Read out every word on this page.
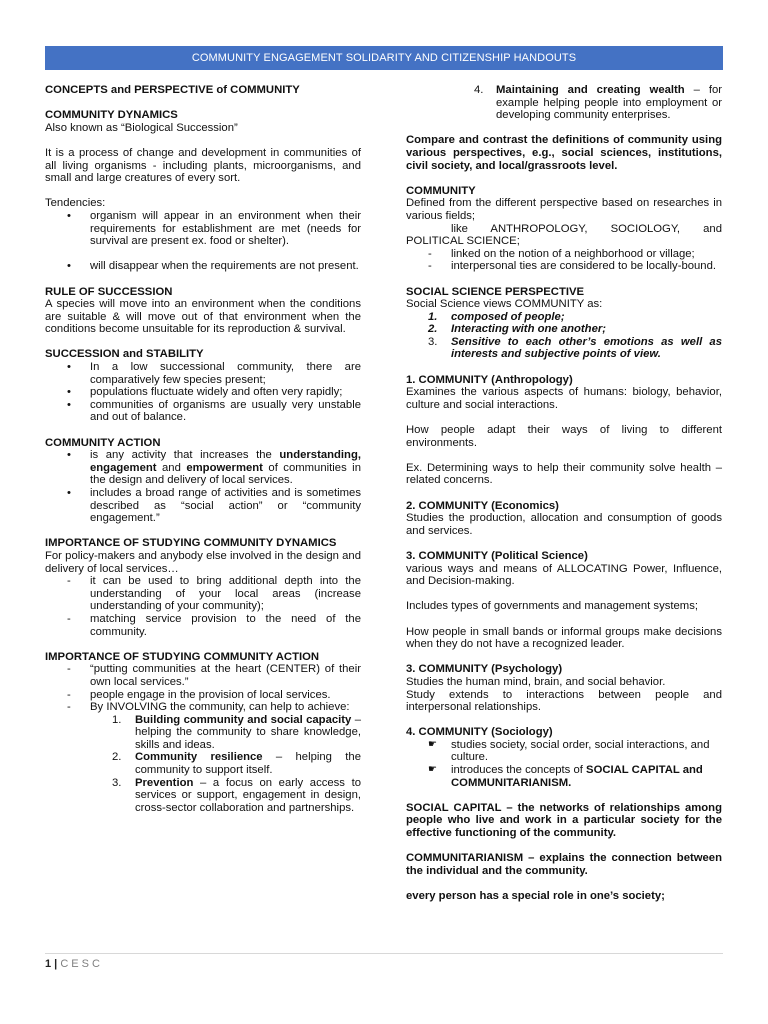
COMMUNITY ENGAGEMENT SOLIDARITY AND CITIZENSHIP HANDOUTS

CONCEPTS and PERSPECTIVE of COMMUNITY

COMMUNITY DYNAMICS

Also known as “Biological Succession”

It is a process of change and development in communities of all living organisms - including plants, microorganisms, and small and large creatures of every sort.

Tendencies:

• organism will appear in an environment when their requirements for establishment are met (needs for survival are present ex. food or shelter).
• will disappear when the requirements are not present.

RULE OF SUCCESSION

A species will move into an environment when the conditions are suitable & will move out of that environment when the conditions become unsuitable for its reproduction & survival.

SUCCESSION and STABILITY

• In a low successional community, there are comparatively few species present;
• populations fluctuate widely and often very rapidly;
• communities of organisms are usually very unstable and out of balance.

COMMUNITY ACTION

• is any activity that increases the understanding, engagement and empowerment of communities in the design and delivery of local services.
• includes a broad range of activities and is sometimes described as “social action” or “community engagement.”

IMPORTANCE OF STUDYING COMMUNITY DYNAMICS

For policy-makers and anybody else involved in the design and delivery of local services…

- it can be used to bring additional depth into the understanding of your local areas (increase understanding of your community);
- matching service provision to the need of the community.

IMPORTANCE OF STUDYING COMMUNITY ACTION

- “putting communities at the heart (CENTER) of their own local services.”
- people engage in the provision of local services.
- By INVOLVING the community, can help to achieve:
1. Building community and social capacity – helping the community to share knowledge, skills and ideas.
2. Community resilience – helping the community to support itself.
3. Prevention – a focus on early access to services or support, engagement in design, cross-sector collaboration and partnerships.
4. Maintaining and creating wealth – for example helping people into employment or developing community enterprises.

Compare and contrast the definitions of community using various perspectives, e.g., social sciences, institutions, civil society, and local/grassroots level.

COMMUNITY

Defined from the different perspective based on researches in various fields;

like ANTHROPOLOGY, SOCIOLOGY, and POLITICAL SCIENCE;

- linked on the notion of a neighborhood or village;
- interpersonal ties are considered to be locally-bound.

SOCIAL SCIENCE PERSPECTIVE

Social Science views COMMUNITY as:

1. composed of people;
2. Interacting with one another;
3. Sensitive to each other’s emotions as well as interests and subjective points of view.

1. COMMUNITY (Anthropology)

Examines the various aspects of humans: biology, behavior, culture and social interactions.

How people adapt their ways of living to different environments.

Ex. Determining ways to help their community solve health – related concerns.

2. COMMUNITY (Economics)

Studies the production, allocation and consumption of goods and services.

3. COMMUNITY (Political Science)

various ways and means of ALLOCATING Power, Influence, and Decision-making.

Includes types of governments and management systems;

How people in small bands or informal groups make decisions when they do not have a recognized leader.

3. COMMUNITY (Psychology)

Studies the human mind, brain, and social behavior.

Study extends to interactions between people and interpersonal relationships.

4. COMMUNITY (Sociology)

☛ studies society, social order, social interactions, and culture.
☛ introduces the concepts of SOCIAL CAPITAL and COMMUNITARIANISM.

SOCIAL CAPITAL – the networks of relationships among people who live and work in a particular society for the effective functioning of the community.

COMMUNITARIANISM – explains the connection between the individual and the community.

every person has a special role in one’s society;

1 | CESC
